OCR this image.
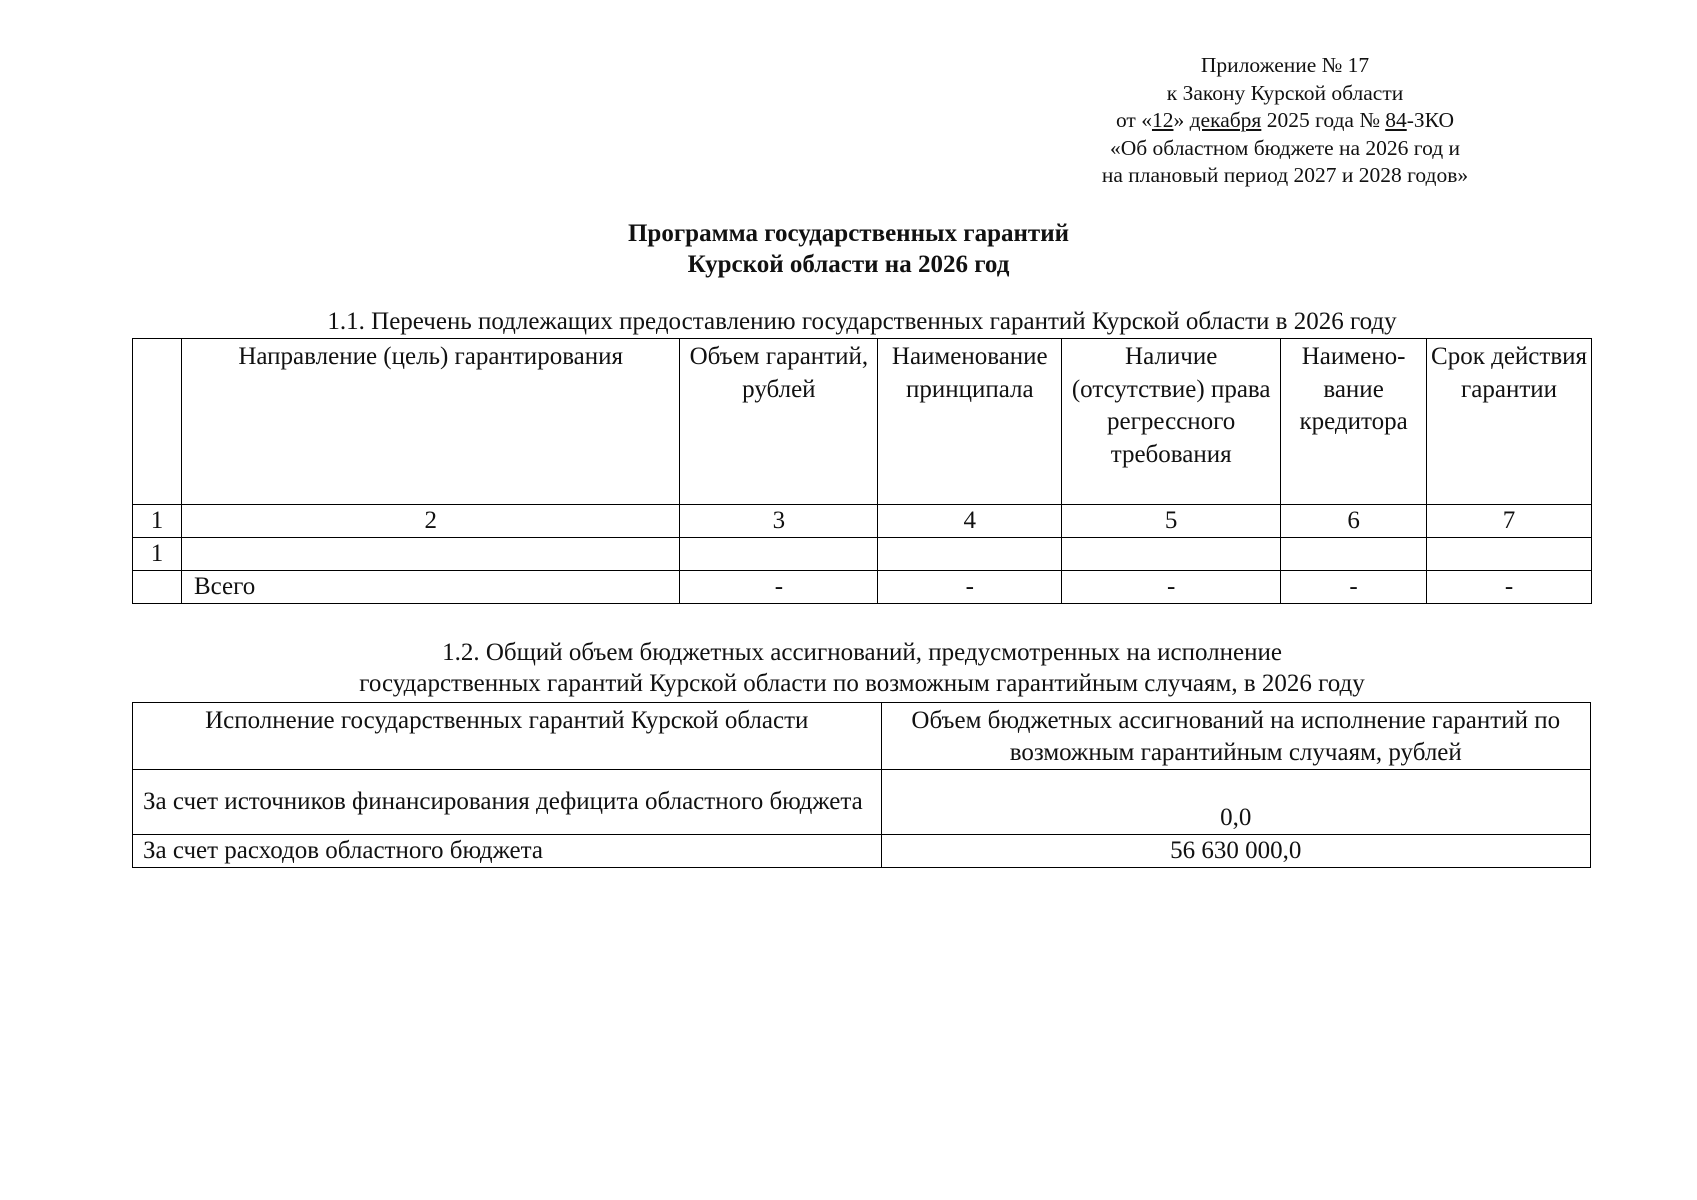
Приложение № 17
к Закону Курской области
от «12» декабря 2025 года № 84-ЗКО
«Об областном бюджете на 2026 год и
на плановый период 2027 и 2028 годов»
Программа государственных гарантий
Курской области на 2026 год
1.1. Перечень подлежащих предоставлению государственных гарантий Курской области в 2026 году
	Направление (цель) гарантирования	Объем гарантий, рублей	Наименование принципала	Наличие (отсутствие) права регрессного требования	Наимено-вание кредитора	Срок действия гарантии
1	2	3	4	5	6	7
1						
	Всего	-	-	-	-	-
1.2. Общий объем бюджетных ассигнований, предусмотренных на исполнение
государственных гарантий Курской области по возможным гарантийным случаям, в 2026 году
Исполнение государственных гарантий Курской области	Объем бюджетных ассигнований на исполнение гарантий по возможным гарантийным случаям, рублей
За счет источников финансирования дефицита областного бюджета	0,0
За счет расходов областного бюджета	56 630 000,0
